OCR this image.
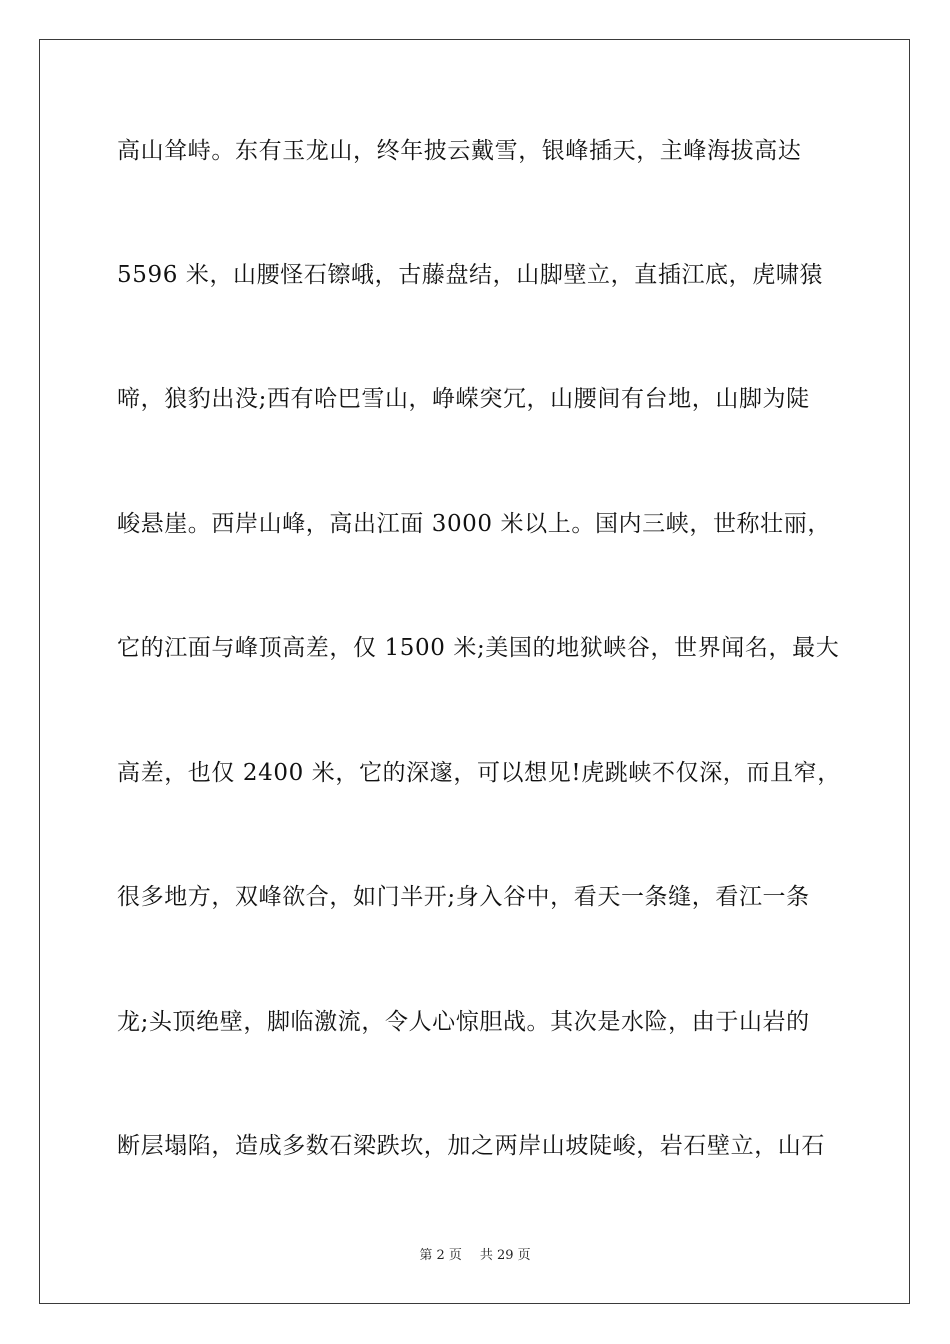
高山耸峙。东有玉龙山，终年披云戴雪，银峰插天，主峰海拔高达
5596 米，山腰怪石镲峨，古藤盘结，山脚壁立，直插江底，虎啸猿
啼，狼豹出没;西有哈巴雪山，峥嵘突冗，山腰间有台地，山脚为陡
峻悬崖。西岸山峰，高出江面 3000 米以上。国内三峡，世称壮丽，
它的江面与峰顶高差，仅 1500 米;美国的地狱峡谷，世界闻名，最大
高差，也仅 2400 米，它的深邃，可以想见!虎跳峡不仅深，而且窄，
很多地方，双峰欲合，如门半开;身入谷中，看天一条缝，看江一条
龙;头顶绝壁，脚临激流，令人心惊胆战。其次是水险，由于山岩的
断层塌陷，造成多数石梁跌坎，加之两岸山坡陡峻，岩石壁立，山石
第 2 页 共 29 页
